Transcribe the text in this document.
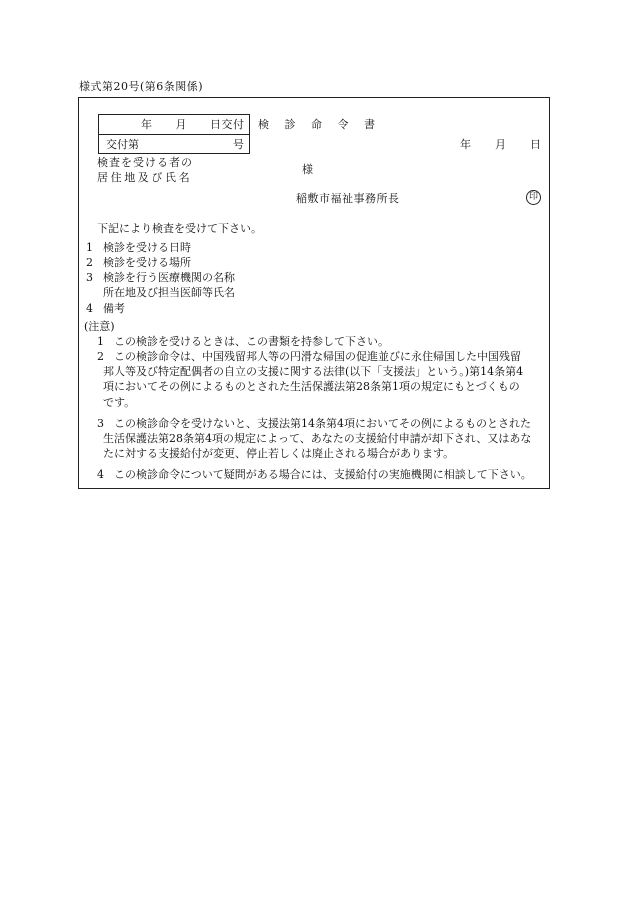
様式第20号(第6条関係)
年　　月　　日交付
交付第	号
検 診 命 令 書
年 月 日
検査を受ける者の
居住地及び氏名
様
稲敷市福祉事務所長	印
下記により検査を受けて下さい。
1 検診を受ける日時
2 検診を受ける場所
3 検診を行う医療機関の名称
所在地及び担当医師等氏名
4 備考
(注意)
1 この検診を受けるときは、この書類を持参して下さい。
2 この検診命令は、中国残留邦人等の円滑な帰国の促進並びに永住帰国した中国残留
邦人等及び特定配偶者の自立の支援に関する法律(以下「支援法」という。)第14条第4
項においてその例によるものとされた生活保護法第28条第1項の規定にもとづくもの
です。
3 この検診命令を受けないと、支援法第14条第4項においてその例によるものとされた
生活保護法第28条第4項の規定によって、あなたの支援給付申請が却下され、又はあな
たに対する支援給付が変更、停止若しくは廃止される場合があります。
4 この検診命令について疑問がある場合には、支援給付の実施機関に相談して下さい。
